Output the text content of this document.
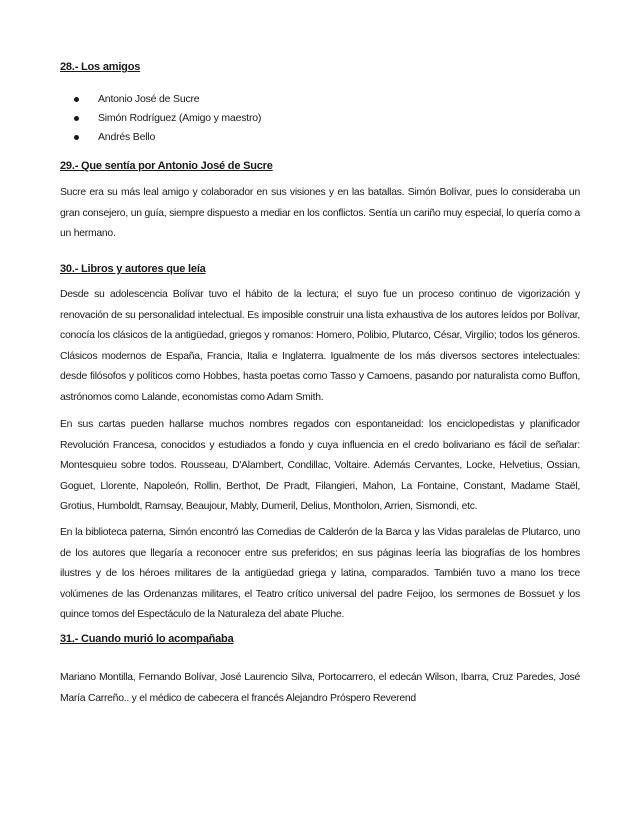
28.- Los amigos
Antonio José de Sucre
Simón Rodríguez (Amigo y maestro)
Andrés Bello
29.- Que sentía por Antonio José de Sucre

Sucre era su más leal amigo y colaborador en sus visiones y en las batallas. Simón Bolívar, pues lo consideraba un gran consejero, un guía, siempre dispuesto a mediar en los conflictos. Sentía un cariño muy especial, lo quería como a un hermano.

30.- Libros y autores que leía

Desde su adolescencia Bolívar tuvo el hábito de la lectura; el suyo fue un proceso continuo de vigorización y renovación de su personalidad intelectual. Es imposible construir una lista exhaustiva de los autores leídos por Bolívar, conocía los clásicos de la antigüedad, griegos y romanos: Homero, Polibio, Plutarco, César, Virgilio; todos los géneros. Clásicos modernos de España, Francia, Italia e Inglaterra. Igualmente de los más diversos sectores intelectuales: desde filósofos y políticos como Hobbes, hasta poetas como Tasso y Camoens, pasando por naturalista como Buffon, astrónomos como Lalande, economistas como Adam Smith.

En sus cartas pueden hallarse muchos nombres regados con espontaneidad: los enciclopedistas y planificador Revolución Francesa, conocidos y estudiados a fondo y cuya influencia en el credo bolivariano es fácil de señalar: Montesquieu sobre todos. Rousseau, D'Alambert, Condillac, Voltaire. Además Cervantes, Locke, Helvetius, Ossian, Goguet, Llorente, Napoleón, Rollin, Berthot, De Pradt, Filangieri, Mahon, La Fontaine, Constant, Madame Staël, Grotius, Humboldt, Ramsay, Beaujour, Mably, Dumeril, Delius, Montholon, Arrien, Sismondi, etc.

En la biblioteca paterna, Simón encontró las Comedias de Calderón de la Barca y las Vidas paralelas de Plutarco, uno de los autores que llegaría a reconocer entre sus preferidos; en sus páginas leería las biografías de los hombres ilustres y de los héroes militares de la antigüedad griega y latina, comparados. También tuvo a mano los trece volúmenes de las Ordenanzas militares, el Teatro crítico universal del padre Feijoo, los sermones de Bossuet y los quince tomos del Espectáculo de la Naturaleza del abate Pluche.

31.- Cuando murió lo acompañaba

Mariano Montilla, Fernando Bolívar, José Laurencio Silva, Portocarrero, el edecán Wilson, Ibarra, Cruz Paredes, José María Carreño.. y el médico de cabecera el francés Alejandro Próspero Reverend
